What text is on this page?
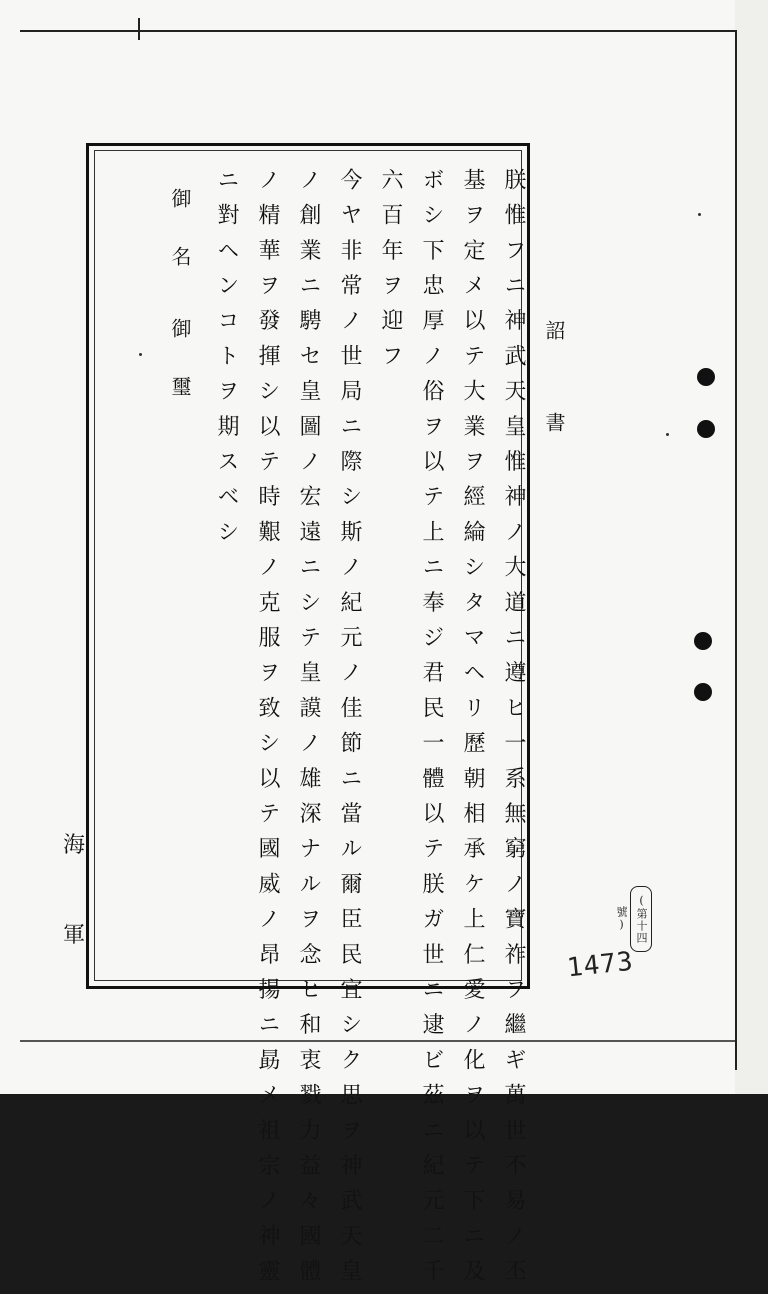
詔書
朕惟フニ神武天皇惟神ノ大道ニ遵ヒ一系無窮ノ寶祚ヲ繼ギ萬世不易ノ丕
基ヲ定メ以テ大業ヲ經綸シタマヘリ歷朝相承ケ上仁愛ノ化ヲ以テ下ニ及
ボシ下忠厚ノ俗ヲ以テ上ニ奉ジ君民一體以テ朕ガ世ニ逮ビ茲ニ紀元二千
六百年ヲ迎フ
今ヤ非常ノ世局ニ際シ斯ノ紀元ノ佳節ニ當ル爾臣民宜シク思ヲ神武天皇
ノ創業ニ騁セ皇圖ノ宏遠ニシテ皇謨ノ雄深ナルヲ念ヒ和衷戮力益々國體
ノ精華ヲ發揮シ以テ時艱ノ克服ヲ致シ以テ國威ノ昂揚ニ勗メ祖宗ノ神靈
ニ對ヘンコトヲ期スベシ
御名
御璽
海
軍	(第十四號)
1473
